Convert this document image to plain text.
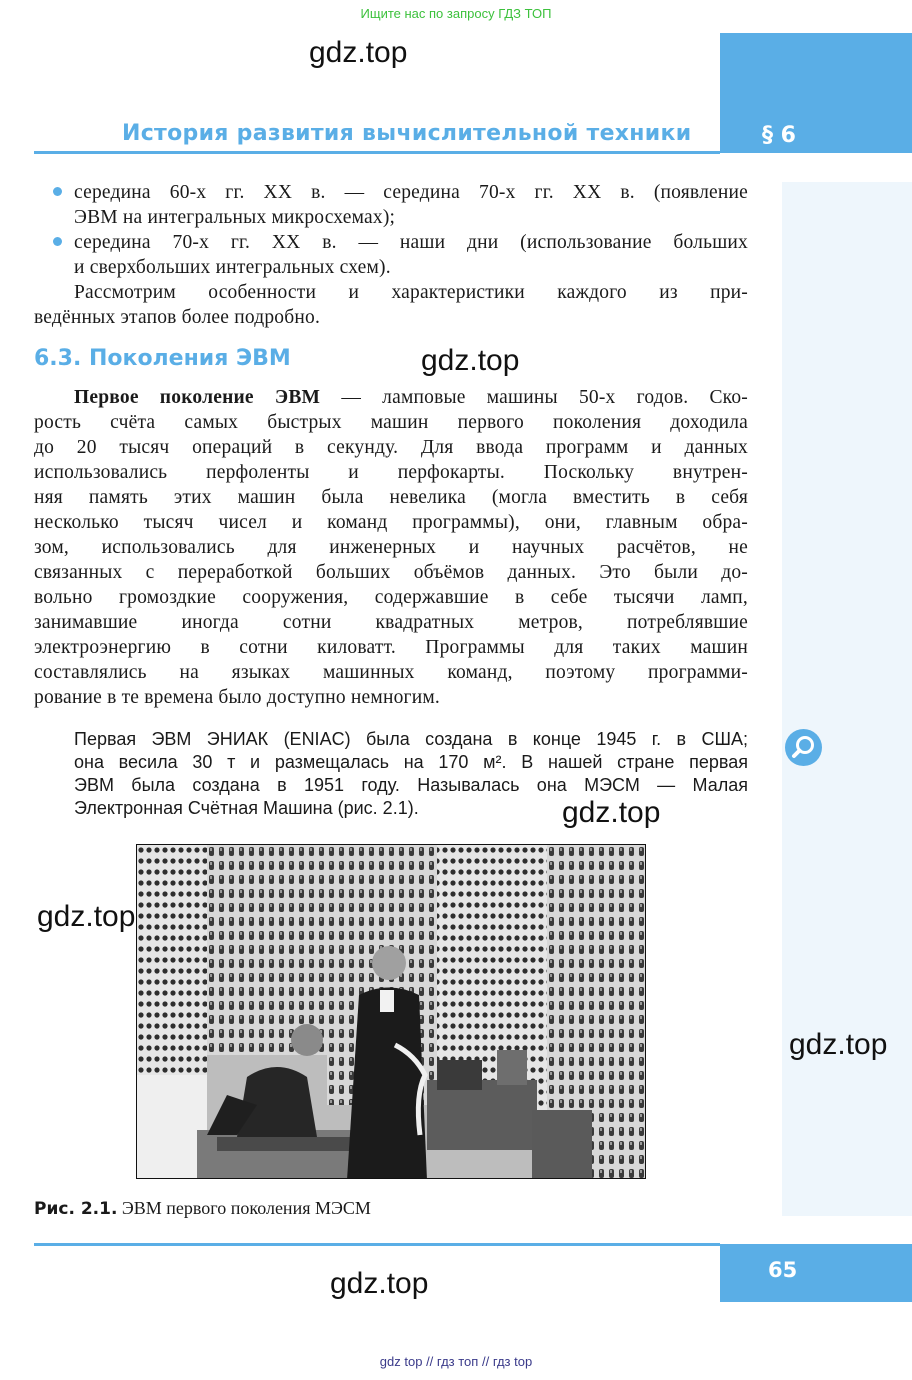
Ищите нас по запросу ГДЗ ТОП
gdz.top
§ 6
История развития вычислительной техники
середина 60-х гг. XX в. — середина 70-х гг. XX в. (появление
ЭВМ на интегральных микросхемах);
середина 70-х гг. XX в. — наши дни (использование больших
и сверхбольших интегральных схем).
Рассмотрим особенности и характеристики каждого из при-
ведённых этапов более подробно.
6.3. Поколения ЭВМ	gdz.top
Первое поколение ЭВМ — ламповые машины 50-х годов. Ско-
рость счёта самых быстрых машин первого поколения доходила
до 20 тысяч операций в секунду. Для ввода программ и данных
использовались перфоленты и перфокарты. Поскольку внутрен-
няя память этих машин была невелика (могла вместить в себя
несколько тысяч чисел и команд программы), они, главным обра-
зом, использовались для инженерных и научных расчётов, не
связанных с переработкой больших объёмов данных. Это были до-
вольно громоздкие сооружения, содержавшие в себе тысячи ламп,
занимавшие иногда сотни квадратных метров, потреблявшие
электроэнергию в сотни киловатт. Программы для таких машин
составлялись на языках машинных команд, поэтому программи-
рование в те времена было доступно немногим.
Первая ЭВМ ЭНИАК (ENIAC) была создана в конце 1945 г. в США;
она весила 30 т и размещалась на 170 м². В нашей стране первая
ЭВМ была создана в 1951 году. Называлась она МЭСМ — Малая
Электронная Счётная Машина (рис. 2.1).	gdz.top
gdz.top
gdz.top
Рис. 2.1. ЭВМ первого поколения МЭСМ
65
gdz.top
gdz top // гдз топ // гдз top
